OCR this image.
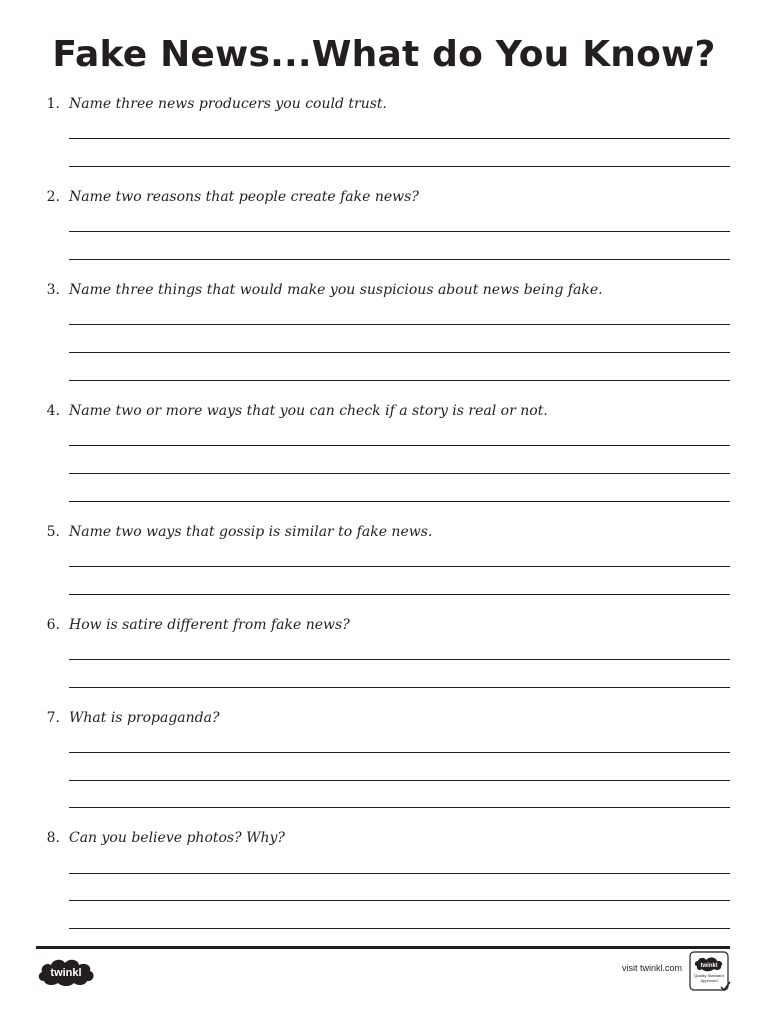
Fake News...What do You Know?
1. Name three news producers you could trust.
2. Name two reasons that people create fake news?
3. Name three things that would make you suspicious about news being fake.
4. Name two or more ways that you can check if a story is real or not.
5. Name two ways that gossip is similar to fake news.
6. How is satire different from fake news?
7. What is propaganda?
8. Can you believe photos? Why?
twinkl	visit twinkl.com	twinkl
Quality Standard Approved
